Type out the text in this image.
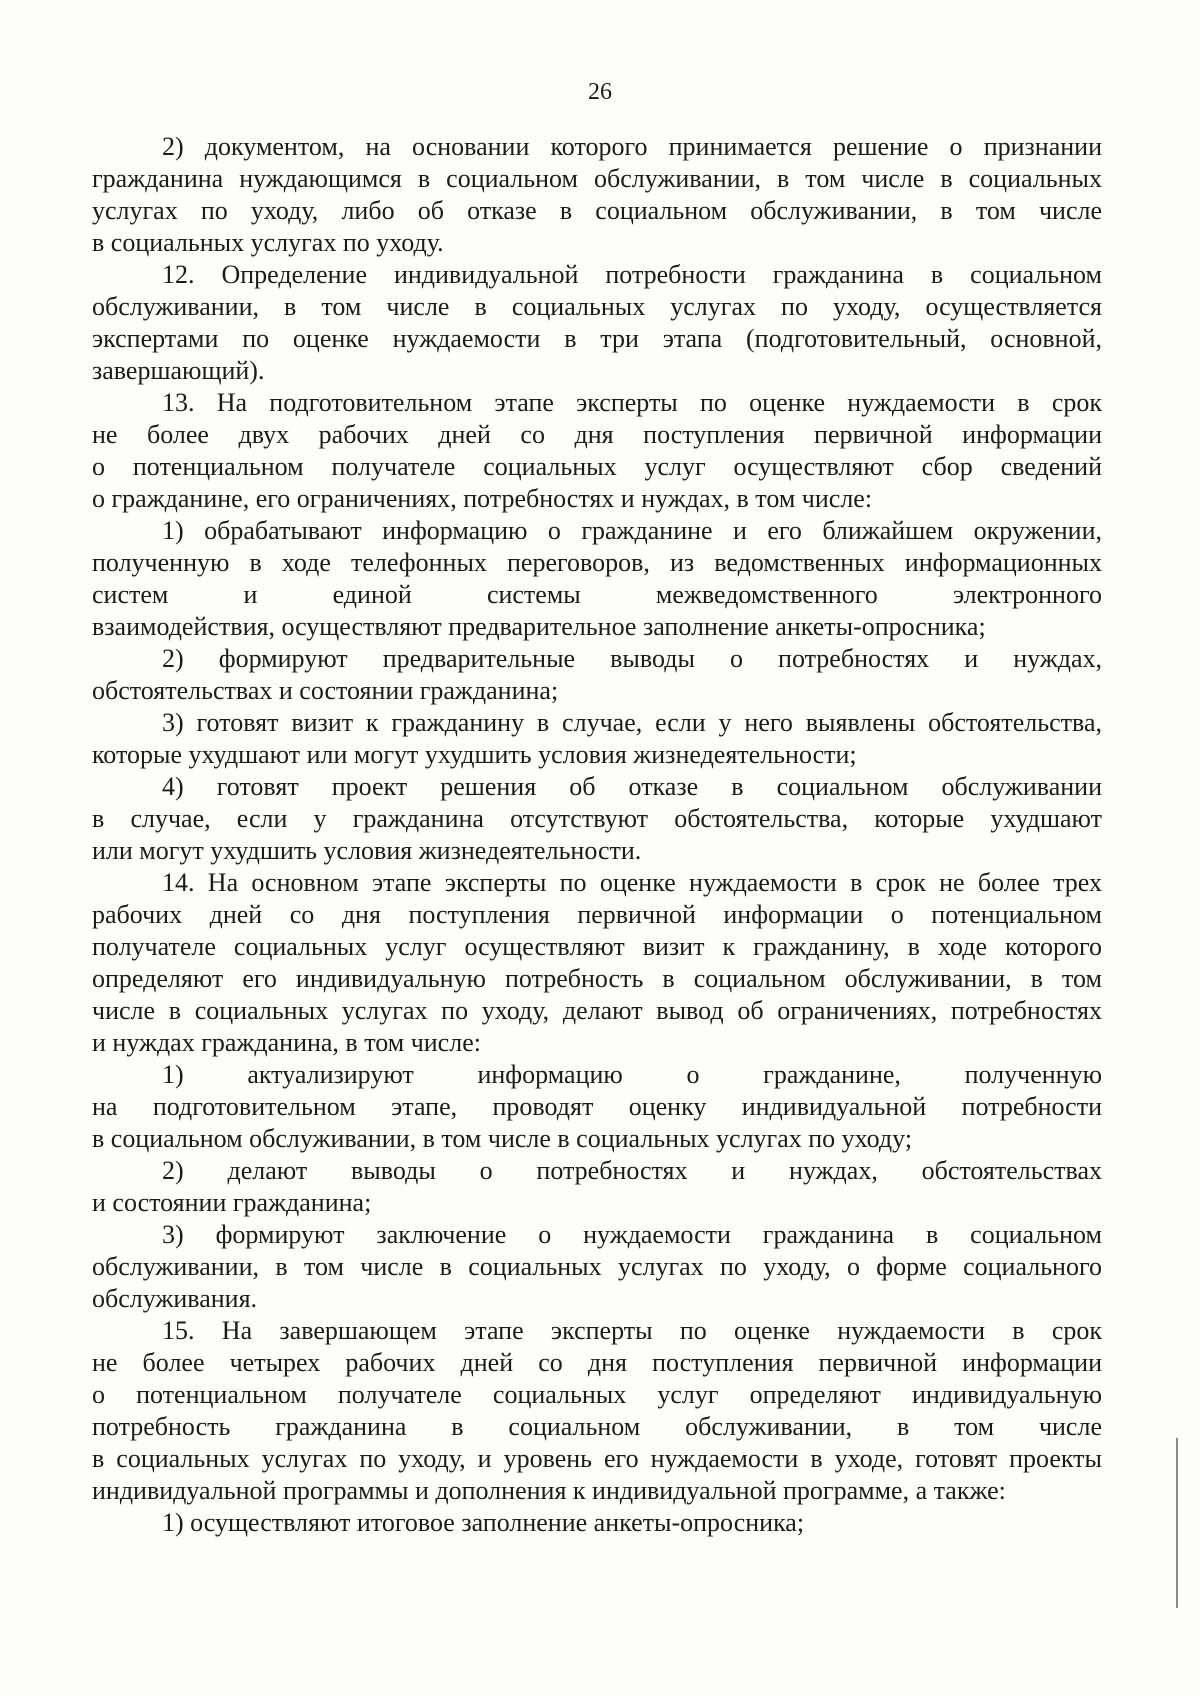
26
2) документом, на основании которого принимается решение о признании
гражданина нуждающимся в социальном обслуживании, в том числе в социальных
услугах по уходу, либо об отказе в социальном обслуживании, в том числе
в социальных услугах по уходу.
12. Определение индивидуальной потребности гражданина в социальном
обслуживании, в том числе в социальных услугах по уходу, осуществляется
экспертами по оценке нуждаемости в три этапа (подготовительный, основной,
завершающий).
13. На подготовительном этапе эксперты по оценке нуждаемости в срок
не более двух рабочих дней со дня поступления первичной информации
о потенциальном получателе социальных услуг осуществляют сбор сведений
о гражданине, его ограничениях, потребностях и нуждах, в том числе:
1) обрабатывают информацию о гражданине и его ближайшем окружении,
полученную в ходе телефонных переговоров, из ведомственных информационных
систем и единой системы межведомственного электронного
взаимодействия, осуществляют предварительное заполнение анкеты-опросника;
2) формируют предварительные выводы о потребностях и нуждах,
обстоятельствах и состоянии гражданина;
3) готовят визит к гражданину в случае, если у него выявлены обстоятельства,
которые ухудшают или могут ухудшить условия жизнедеятельности;
4) готовят проект решения об отказе в социальном обслуживании
в случае, если у гражданина отсутствуют обстоятельства, которые ухудшают
или могут ухудшить условия жизнедеятельности.
14. На основном этапе эксперты по оценке нуждаемости в срок не более трех
рабочих дней со дня поступления первичной информации о потенциальном
получателе социальных услуг осуществляют визит к гражданину, в ходе которого
определяют его индивидуальную потребность в социальном обслуживании, в том
числе в социальных услугах по уходу, делают вывод об ограничениях, потребностях
и нуждах гражданина, в том числе:
1) актуализируют информацию о гражданине, полученную
на подготовительном этапе, проводят оценку индивидуальной потребности
в социальном обслуживании, в том числе в социальных услугах по уходу;
2) делают выводы о потребностях и нуждах, обстоятельствах
и состоянии гражданина;
3) формируют заключение о нуждаемости гражданина в социальном
обслуживании, в том числе в социальных услугах по уходу, о форме социального
обслуживания.
15. На завершающем этапе эксперты по оценке нуждаемости в срок
не более четырех рабочих дней со дня поступления первичной информации
о потенциальном получателе социальных услуг определяют индивидуальную
потребность гражданина в социальном обслуживании, в том числе
в социальных услугах по уходу, и уровень его нуждаемости в уходе, готовят проекты
индивидуальной программы и дополнения к индивидуальной программе, а также:
1) осуществляют итоговое заполнение анкеты-опросника;
